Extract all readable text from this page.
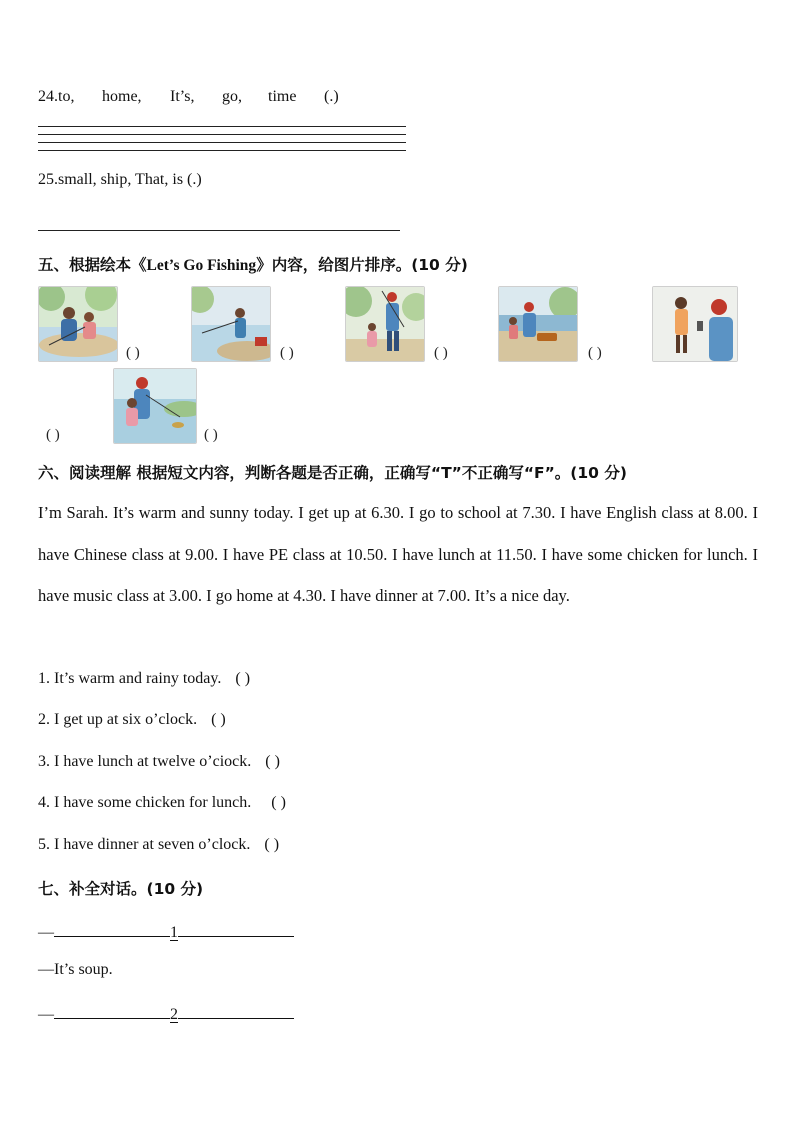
24.to, home, It’s, go, time (.)
25.small, ship, That, is (.)
五、根据绘本《Let’s Go Fishing》内容，给图片排序。(10 分)
( )	( )	( )	( )
( )	( )
六、阅读理解 根据短文内容，判断各题是否正确，正确写“T”不正确写“F”。(10 分)
I’m Sarah. It’s warm and sunny today. I get up at 6.30. I go to school at 7.30. I have English class at 8.00. I have Chinese class at 9.00. I have PE class at 10.50. I have lunch at 11.50. I have some chicken for lunch. I have music class at 3.00. I go home at 4.30. I have dinner at 7.00. It’s a nice day.
1. It’s warm and rainy today. ( )
2. I get up at six o’clock. ( )
3. I have lunch at twelve o’ciock. ( )
4. I have some chicken for lunch. ( )
5. I have dinner at seven o’clock. ( )
七、补全对话。(10 分)
—	1
—It’s soup.
—	2
